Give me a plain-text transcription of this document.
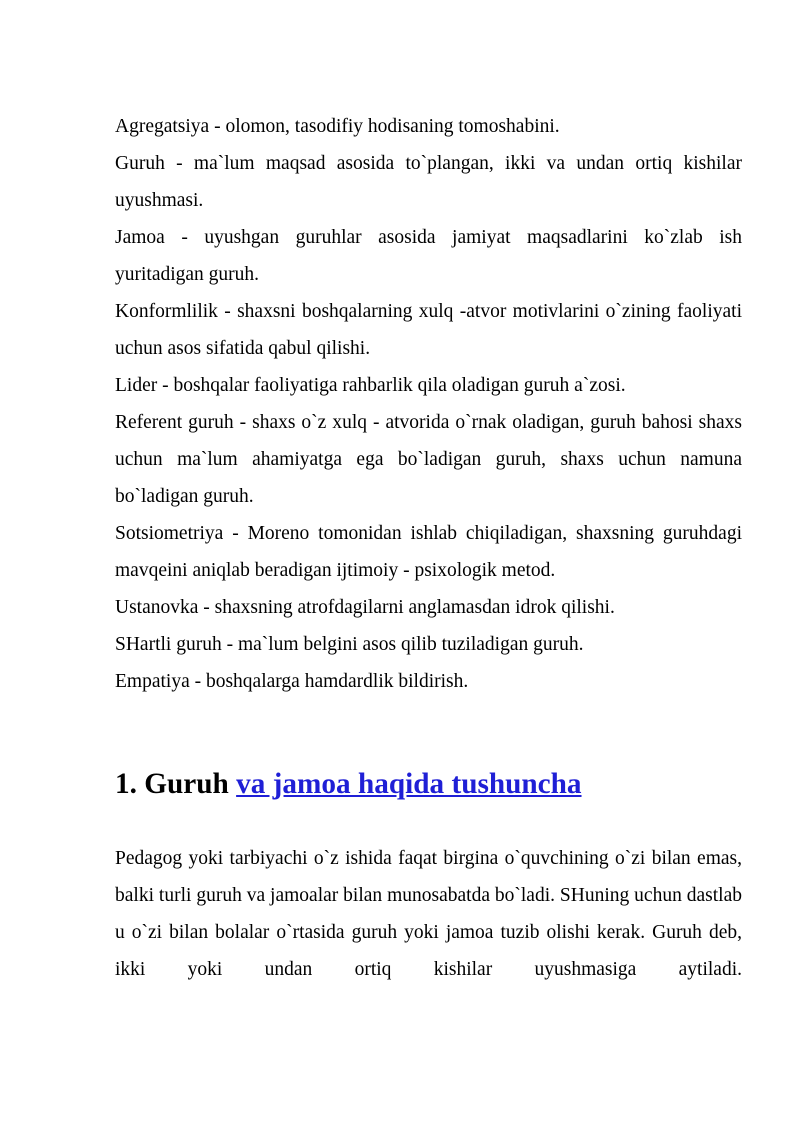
Agregatsiya - olomon, tasodifiy hodisaning tomoshabini.

Guruh - ma`lum maqsad asosida to`plangan, ikki va undan ortiq kishilar uyushmasi.

Jamoa - uyushgan guruhlar asosida jamiyat maqsadlarini ko`zlab ish yuritadigan guruh.

Konformlilik - shaxsni boshqalarning xulq -atvor motivlarini o`zining faoliyati uchun asos sifatida qabul qilishi.

Lider - boshqalar faoliyatiga rahbarlik qila oladigan guruh a`zosi.

Referent guruh - shaxs o`z xulq - atvorida o`rnak oladigan, guruh bahosi shaxs uchun ma`lum ahamiyatga ega bo`ladigan guruh, shaxs uchun namuna bo`ladigan guruh.

Sotsiometriya - Moreno tomonidan ishlab chiqiladigan, shaxsning guruhdagi mavqeini aniqlab beradigan ijtimoiy - psixologik metod.

Ustanovka - shaxsning atrofdagilarni anglamasdan idrok qilishi.

SHartli guruh - ma`lum belgini asos qilib tuziladigan guruh.

Empatiya - boshqalarga hamdardlik bildirish.

1. Guruh va jamoa haqida tushuncha

Pedagog yoki tarbiyachi o`z ishida faqat birgina o`quvchining o`zi bilan emas, balki turli guruh va jamoalar bilan munosabatda bo`ladi. SHuning uchun dastlab u o`zi bilan bolalar o`rtasida guruh yoki jamoa tuzib olishi kerak. Guruh deb, ikki yoki undan ortiq kishilar uyushmasiga aytiladi.
